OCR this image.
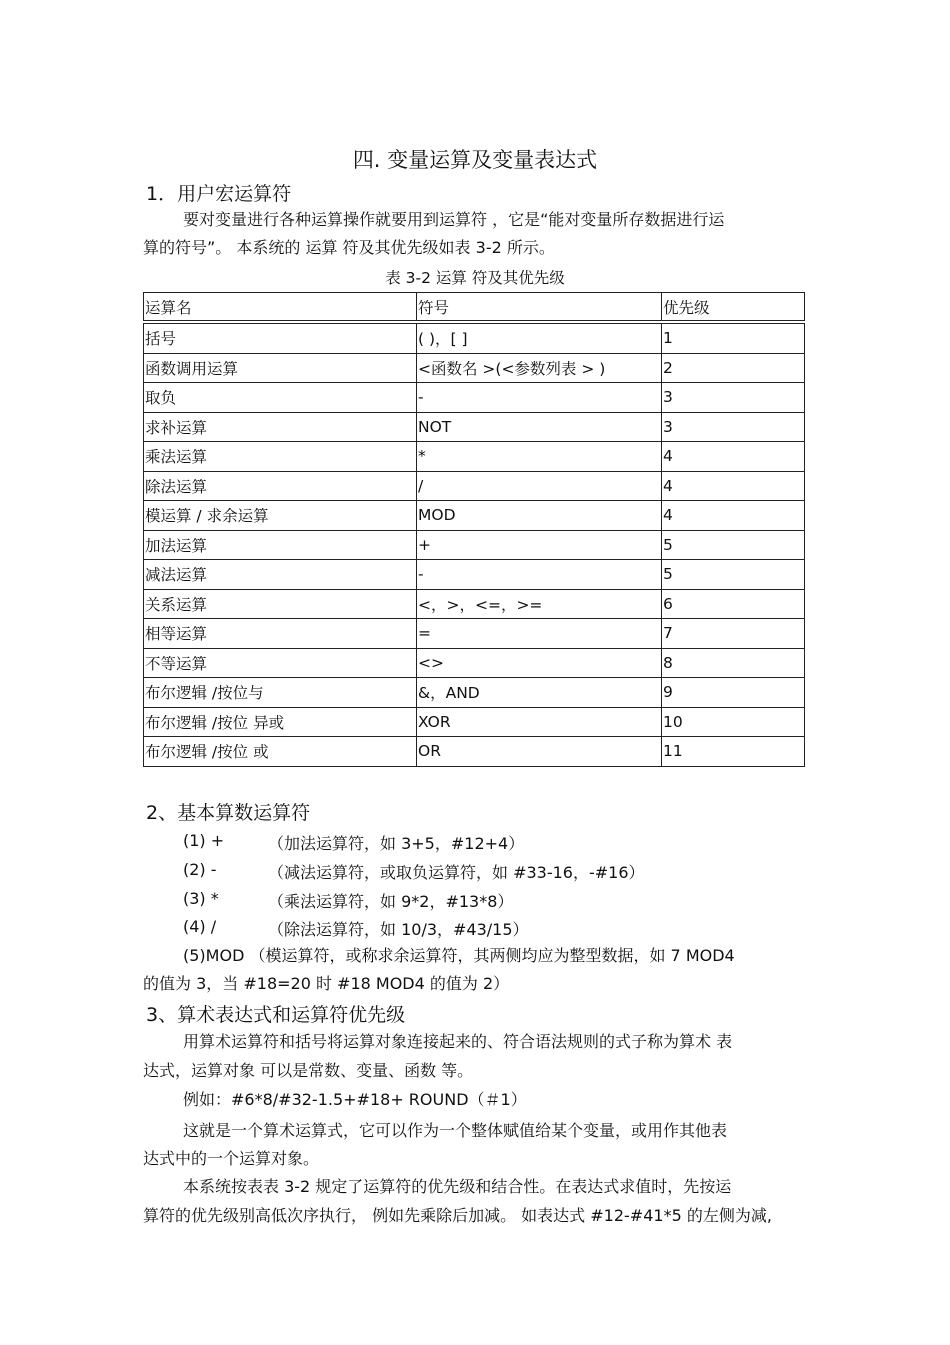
四. 变量运算及变量表达式
1．用户宏运算符
要对变量进行各种运算操作就要用到运算符 ，它是“能对变量所存数据进行运
算的符号”。 本系统的 运算 符及其优先级如表 3-2 所示。
表 3-2 运算 符及其优先级
运算名	符号	优先级
括号	( )，[ ]	1
函数调用运算	<函数名 >(<参数列表 > )	2
取负	-	3
求补运算	NOT	3
乘法运算	*	4
除法运算	/	4
模运算 / 求余运算	MOD	4
加法运算	+	5
减法运算	-	5
关系运算	<，>，<=，>=	6
相等运算	=	7
不等运算	<>	8
布尔逻辑 /按位与	&，AND	9
布尔逻辑 /按位 异或	XOR	10
布尔逻辑 /按位 或	OR	11
2、基本算数运算符
(1) +	（加法运算符，如 3+5，#12+4）
(2) -	（减法运算符，或取负运算符，如 #33-16，-#16）
(3) *	（乘法运算符，如 9*2，#13*8）
(4) /	（除法运算符，如 10/3，#43/15）
(5)MOD （模运算符，或称求余运算符，其两侧均应为整型数据，如 7 MOD4
的值为 3，当 #18=20 时 #18 MOD4 的值为 2）
3、算术表达式和运算符优先级
用算术运算符和括号将运算对象连接起来的、符合语法规则的式子称为算术 表
达式，运算对象 可以是常数、变量、函数 等。
例如：#6*8/#32-1.5+#18+ ROUND（＃1）
这就是一个算术运算式，它可以作为一个整体赋值给某个变量，或用作其他表
达式中的一个运算对象。
本系统按表表 3-2 规定了运算符的优先级和结合性。在表达式求值时，先按运
算符的优先级别高低次序执行， 例如先乘除后加减。 如表达式 #12-#41*5 的左侧为减,
